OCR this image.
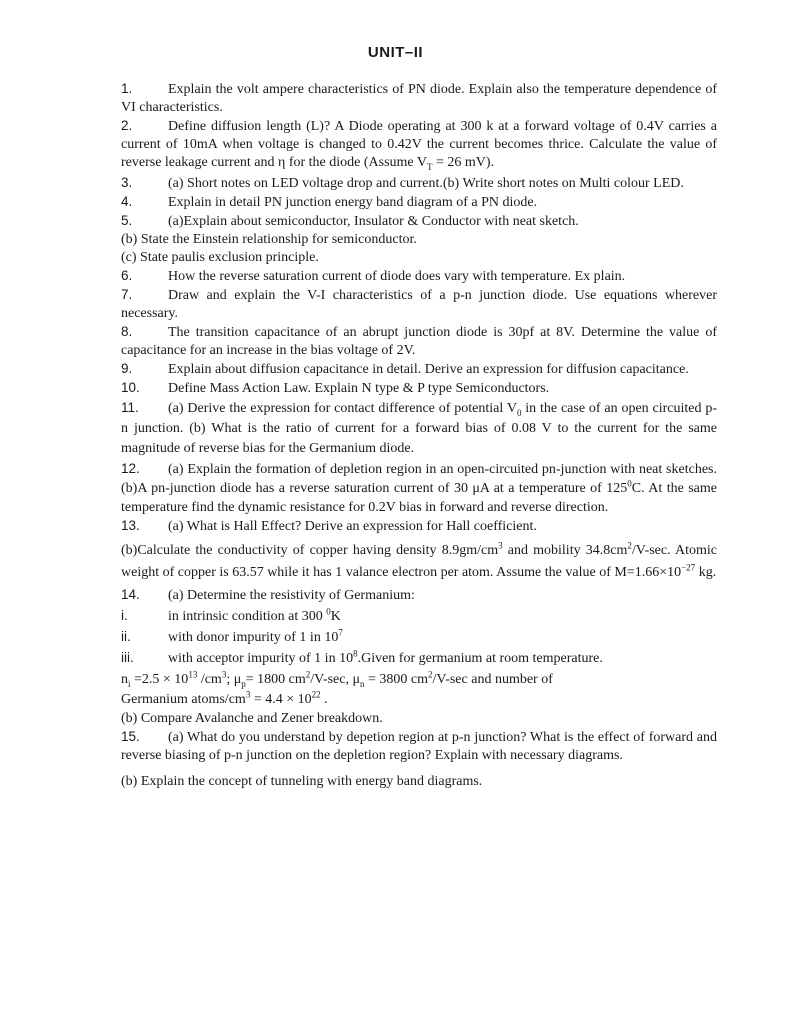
UNIT–II
1.	Explain the volt ampere characteristics of PN diode. Explain also the temperature dependence of VI characteristics.
2.	Define diffusion length (L)? A Diode operating at 300 k at a forward voltage of 0.4V carries a current of 10mA when voltage is changed to 0.42V the current becomes thrice. Calculate the value of reverse leakage current and η for the diode (Assume $V_T = 26$ mV).
3.	(a) Short notes on LED voltage drop and current.(b) Write short notes on Multi colour LED.
4.	Explain in detail PN junction energy band diagram of a PN diode.
5.	(a)Explain about semiconductor, Insulator & Conductor with neat sketch.
(b) State the Einstein relationship for semiconductor.
(c) State paulis exclusion principle.
6.	How the reverse saturation current of diode does vary with temperature. Ex plain.
7.	Draw and explain the V-I characteristics of a p-n junction diode. Use equations wherever necessary.
8.	The transition capacitance of an abrupt junction diode is 30pf at 8V. Determine the value of capacitance for an increase in the bias voltage of 2V.
9.	Explain about diffusion capacitance in detail. Derive an expression for diffusion capacitance.
10. Define Mass Action Law. Explain N type & P type Semiconductors.
11. (a) Derive the expression for contact difference of potential $V_0$ in the case of an open circuited p-n junction. (b) What is the ratio of current for a forward bias of 0.08 V to the current for the same magnitude of reverse bias for the Germanium diode.
12. (a) Explain the formation of depletion region in an open-circuited pn-junction with neat sketches.(b)A pn-junction diode has a reverse saturation current of 30 μA at a temperature of $125^0C$. At the same temperature find the dynamic resistance for 0.2V bias in forward and reverse direction.
13. (a) What is Hall Effect? Derive an expression for Hall coefficient.
(b)Calculate the conductivity of copper having density $8.9gm/cm^3$ and mobility $34.8cm^2/V-\sec$. Atomic weight of copper is 63.57 while it has 1 valance electron per atom. Assume the value of $M=1.66\times 10^{-27}$ kg.
14. (a) Determine the resistivity of Germanium:
i.	in intrinsic condition at 300 $^0$K
ii.	with donor impurity of 1 in $10^7$
iii. with acceptor impurity of 1 in $10^8.Given$ for germanium at room temperature.
$n_i =2.5 \times 10^{13}$ $/cm^3$; $\mu_p= 1800$ $cm^2/V-\sec$, $\mu_n = 3800$ $cm^2/V-\sec$ and number of
Germanium atoms/$cm^3 = 4.4 \times 10^{22}$ .
(b) Compare Avalanche and Zener breakdown.
15. (a) What do you understand by depetion region at p-n junction? What is the effect of forward and reverse biasing of p-n junction on the depletion region? Explain with necessary diagrams.
(b) Explain the concept of tunneling with energy band diagrams.
